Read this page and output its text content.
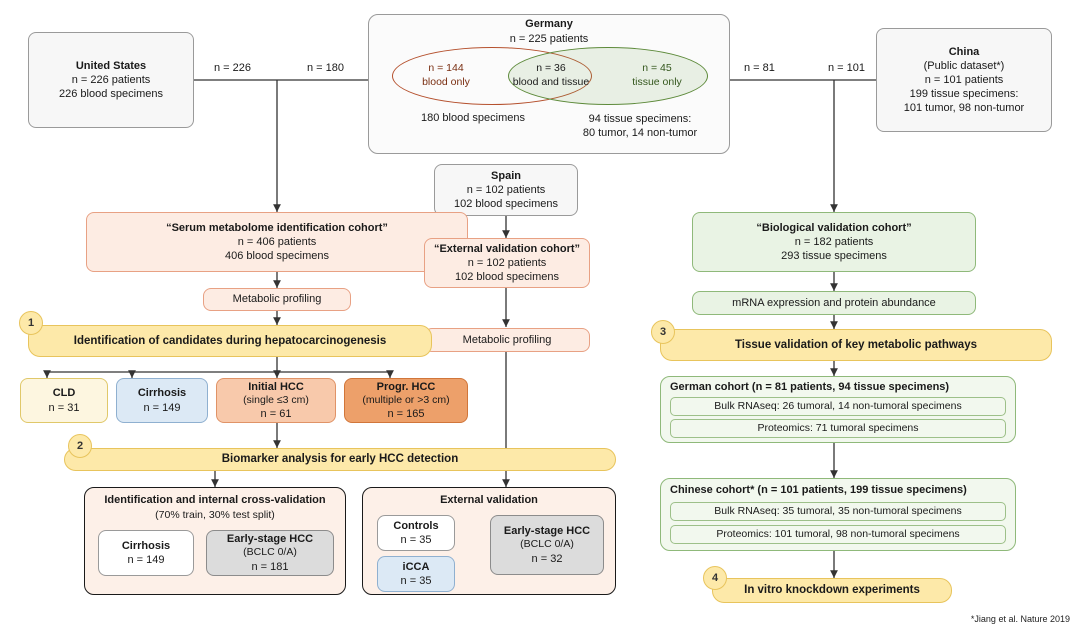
United States
n = 226 patients
226 blood specimens
Germany
n = 225 patients
n = 144
blood only
n = 36
blood and tissue
n = 45
tissue only
180 blood specimens	94 tissue specimens:
80 tumor, 14 non-tumor
China
(Public dataset*)
n = 101 patients
199 tissue specimens:
101 tumor, 98 non-tumor
n = 226	n = 180	n = 81	n = 101
Spain
n = 102 patients
102 blood specimens
“Serum metabolome identification cohort”
n = 406 patients
406 blood specimens
“External validation cohort”
n = 102 patients
102 blood specimens
“Biological validation cohort”
n = 182 patients
293 tissue specimens
Metabolic profiling
Metabolic profiling
mRNA expression and protein abundance
Identification of candidates during hepatocarcinogenesis
1
CLD
n = 31
Cirrhosis
n = 149
Initial HCC
(single ≤3 cm)
n = 61
Progr. HCC
(multiple or >3 cm)
n = 165
Biomarker analysis for early HCC detection
2
Identification and internal cross-validation
(70% train, 30% test split)
Cirrhosis
n = 149
Early-stage HCC
(BCLC 0/A)
n = 181
External validation
Controls
n = 35
iCCA
n = 35
Early-stage HCC
(BCLC 0/A)
n = 32
Tissue validation of key metabolic pathways
3
German cohort (n = 81 patients, 94 tissue specimens)
Bulk RNAseq: 26 tumoral, 14 non-tumoral specimens
Proteomics: 71 tumoral specimens
Chinese cohort* (n = 101 patients, 199 tissue specimens)
Bulk RNAseq: 35 tumoral, 35 non-tumoral specimens
Proteomics: 101 tumoral, 98 non-tumoral specimens
In vitro knockdown experiments
4
*Jiang et al. Nature 2019
